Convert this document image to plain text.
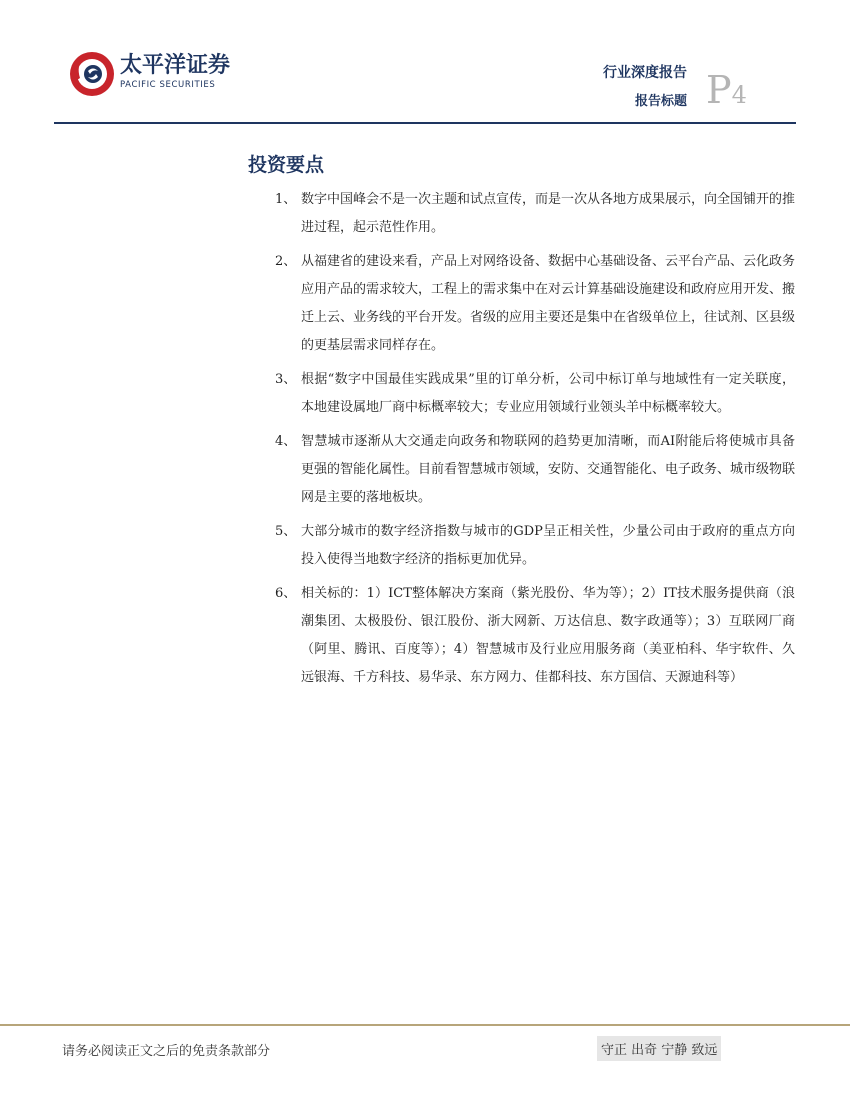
太平洋证券
PACIFIC SECURITIES
行业深度报告
报告标题 P4
投资要点
1、 数字中国峰会不是一次主题和试点宣传，而是一次从各地方成果展示，向全国铺开的推进过程，起示范性作用。
2、 从福建省的建设来看，产品上对网络设备、数据中心基础设备、云平台产品、云化政务应用产品的需求较大，工程上的需求集中在对云计算基础设施建设和政府应用开发、搬迁上云、业务线的平台开发。省级的应用主要还是集中在省级单位上，往试剂、区县级的更基层需求同样存在。
3、 根据“数字中国最佳实践成果”里的订单分析，公司中标订单与地域性有一定关联度，本地建设属地厂商中标概率较大；专业应用领域行业领头羊中标概率较大。
4、 智慧城市逐渐从大交通走向政务和物联网的趋势更加清晰，而AI附能后将使城市具备更强的智能化属性。目前看智慧城市领域，安防、交通智能化、电子政务、城市级物联网是主要的落地板块。
5、 大部分城市的数字经济指数与城市的GDP呈正相关性，少量公司由于政府的重点方向投入使得当地数字经济的指标更加优异。
6、 相关标的：1）ICT整体解决方案商（紫光股份、华为等）；2）IT技术服务提供商（浪潮集团、太极股份、银江股份、浙大网新、万达信息、数字政通等）；3）互联网厂商（阿里、腾讯、百度等）；4）智慧城市及行业应用服务商（美亚柏科、华宇软件、久远银海、千方科技、易华录、东方网力、佳都科技、东方国信、天源迪科等）
请务必阅读正文之后的免责条款部分	守正 出奇 宁静 致远
